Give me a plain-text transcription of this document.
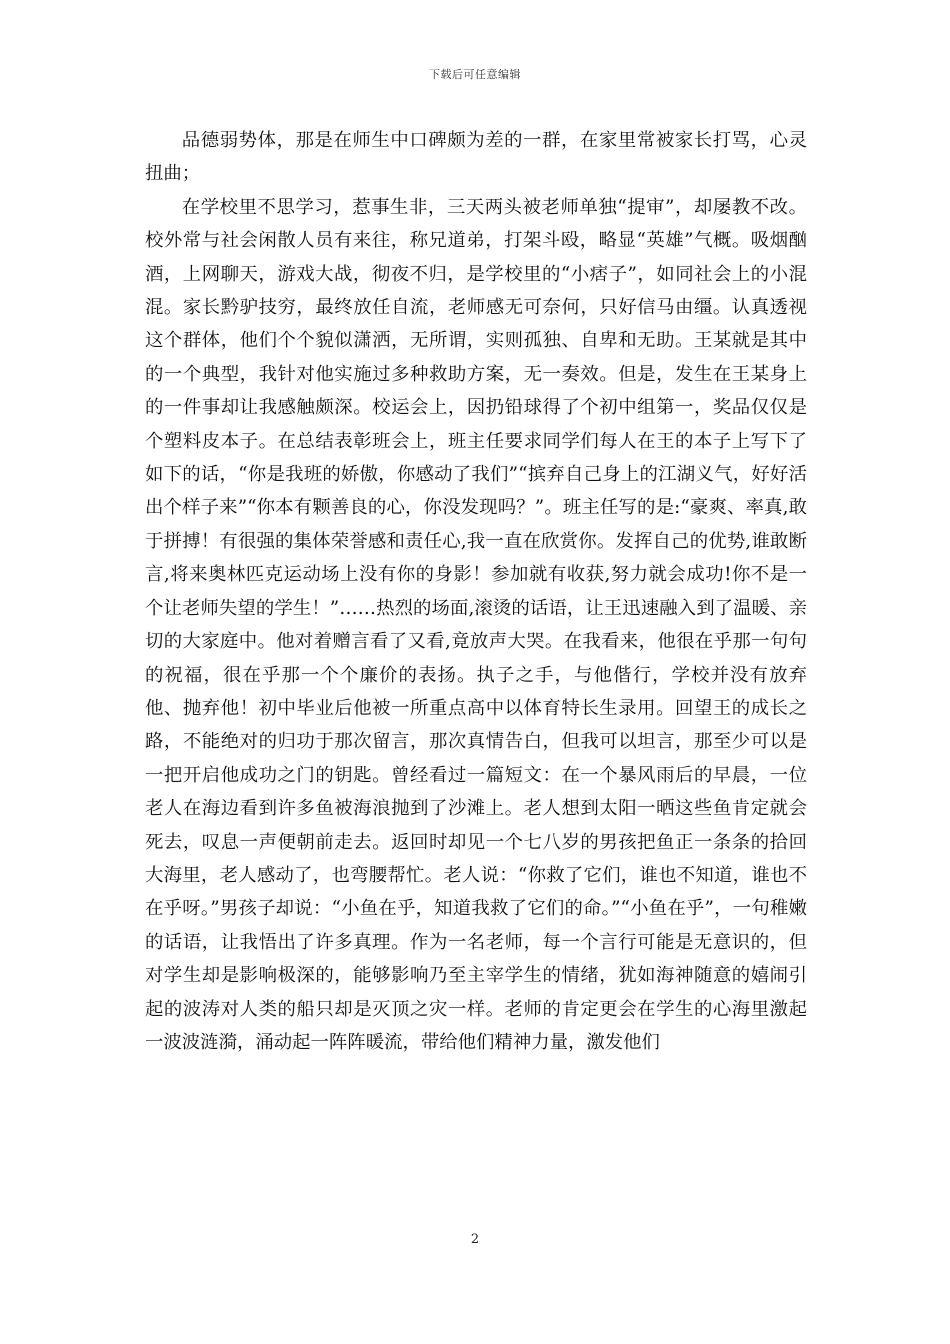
下载后可任意编辑

品德弱势体，那是在师生中口碑颇为差的一群，在家里常被家长打骂，心灵扭曲；

在学校里不思学习，惹事生非，三天两头被老师单独“提审”，却屡教不改。校外常与社会闲散人员有来往，称兄道弟，打架斗殴，略显“英雄”气概。吸烟酗酒，上网聊天，游戏大战，彻夜不归，是学校里的“小痞子”，如同社会上的小混混。家长黔驴技穷，最终放任自流，老师感无可奈何，只好信马由缰。认真透视这个群体，他们个个貌似潇洒，无所谓，实则孤独、自卑和无助。王某就是其中的一个典型，我针对他实施过多种救助方案，无一奏效。但是，发生在王某身上的一件事却让我感触颇深。校运会上，因扔铅球得了个初中组第一，奖品仅仅是个塑料皮本子。在总结表彰班会上，班主任要求同学们每人在王的本子上写下了如下的话，“你是我班的娇傲，你感动了我们”“摈弃自己身上的江湖义气，好好活出个样子来”“你本有颗善良的心，你没发现吗？”。班主任写的是:“豪爽、率真,敢于拼搏！有很强的集体荣誉感和责任心,我一直在欣赏你。发挥自己的优势,谁敢断言,将来奥林匹克运动场上没有你的身影！参加就有收获,努力就会成功!你不是一个让老师失望的学生！”……热烈的场面,滚烫的话语，让王迅速融入到了温暖、亲切的大家庭中。他对着赠言看了又看,竟放声大哭。在我看来，他很在乎那一句句的祝福，很在乎那一个个廉价的表扬。执子之手，与他偕行，学校并没有放弃他、抛弃他！初中毕业后他被一所重点高中以体育特长生录用。回望王的成长之路，不能绝对的归功于那次留言，那次真情告白，但我可以坦言，那至少可以是一把开启他成功之门的钥匙。曾经看过一篇短文：在一个暴风雨后的早晨，一位老人在海边看到许多鱼被海浪抛到了沙滩上。老人想到太阳一晒这些鱼肯定就会死去，叹息一声便朝前走去。返回时却见一个七八岁的男孩把鱼正一条条的拾回大海里，老人感动了，也弯腰帮忙。老人说：“你救了它们，谁也不知道，谁也不在乎呀。”男孩子却说：“小鱼在乎，知道我救了它们的命。”“小鱼在乎”，一句稚嫩的话语，让我悟出了许多真理。作为一名老师，每一个言行可能是无意识的，但对学生却是影响极深的，能够影响乃至主宰学生的情绪，犹如海神随意的嬉闹引起的波涛对人类的船只却是灭顶之灾一样。老师的肯定更会在学生的心海里激起一波波涟漪，涌动起一阵阵暖流，带给他们精神力量，激发他们

2
